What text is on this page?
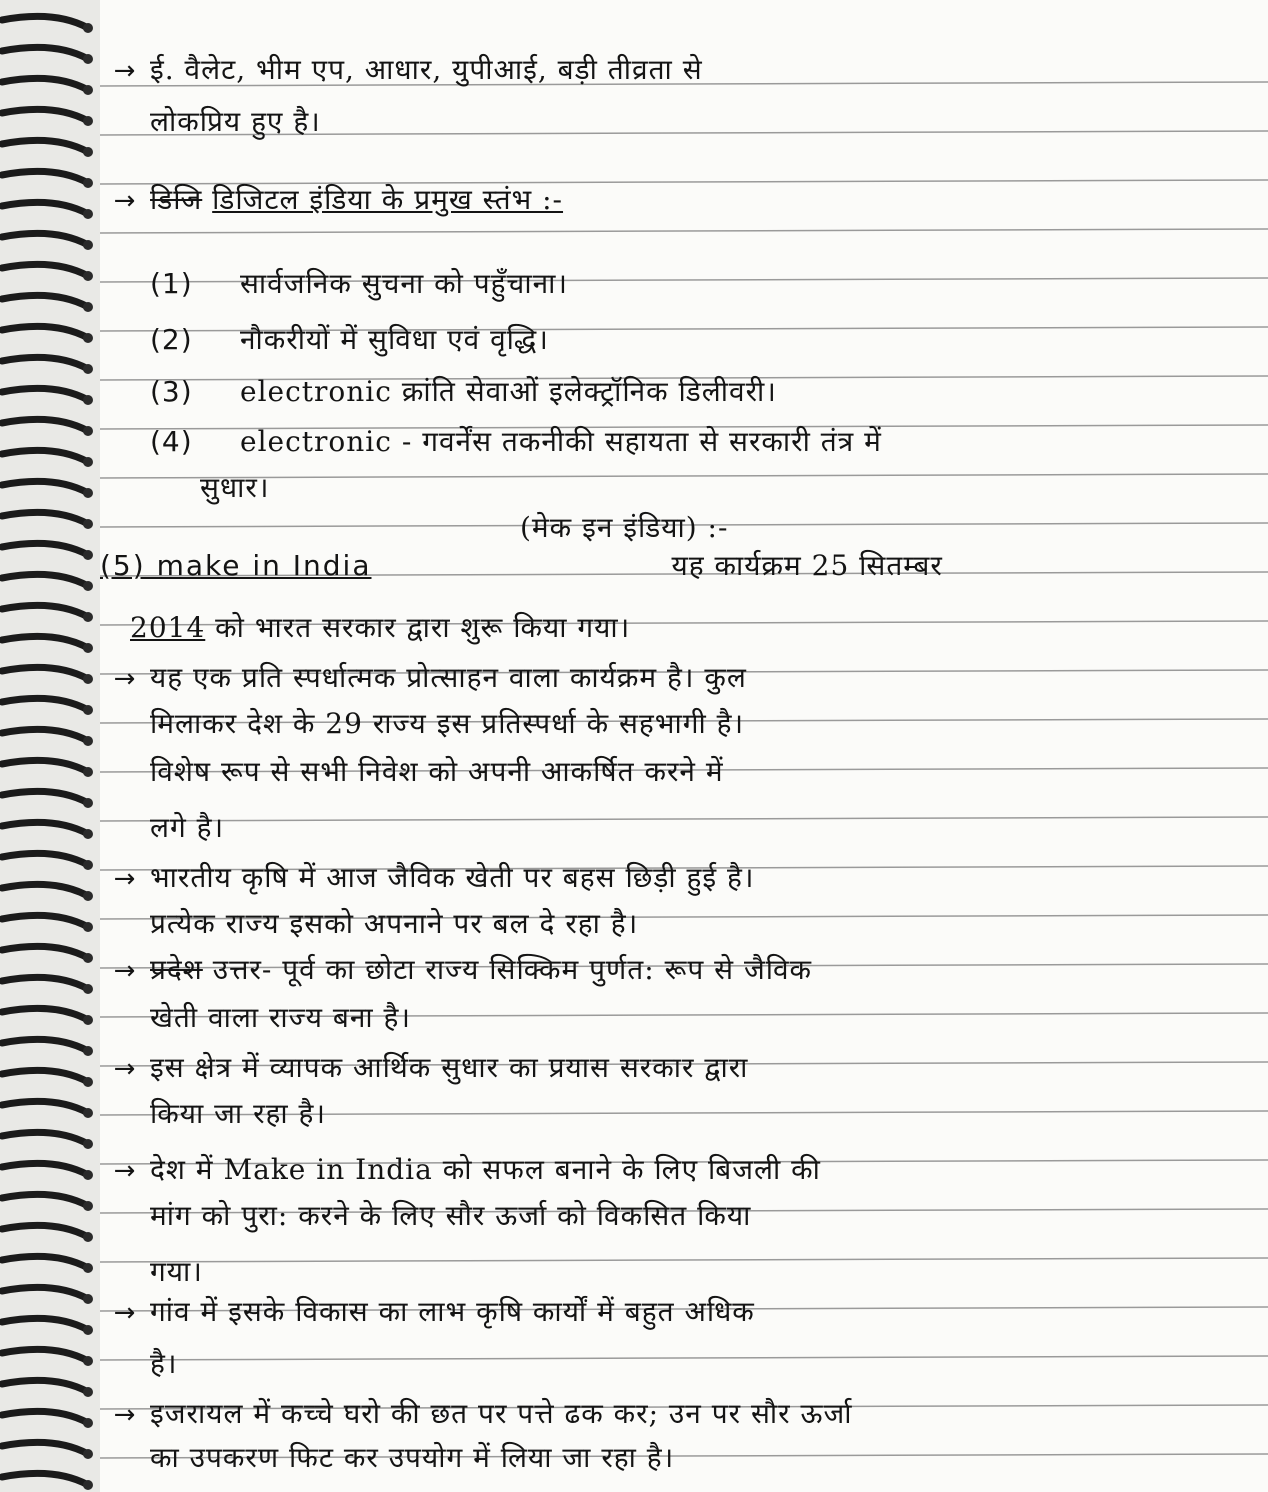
→ ई. वैलेट, भीम एप, आधार, युपीआई, बड़ी तीव्रता से
लोकप्रिय हुए है।
→ डिजि डिजिटल इंडिया के प्रमुख स्तंभ :-
(1) सार्वजनिक सुचना को पहुँचाना।
(2) नौकरीयों में सुविधा एवं वृद्धि।
(3) electronic क्रांति सेवाओं इलेक्ट्रॉनिक डिलीवरी।
(4) electronic - गवर्नेंस तकनीकी सहायता से सरकारी तंत्र में
सुधार।
(मेक इन इंडिया) :-
(5) make in India	यह कार्यक्रम 25 सितम्बर
2014 को भारत सरकार द्वारा शुरू किया गया।
→ यह एक प्रति स्पर्धात्मक प्रोत्साहन वाला कार्यक्रम है। कुल
मिलाकर देश के 29 राज्य इस प्रतिस्पर्धा के सहभागी है।
विशेष रूप से सभी निवेश को अपनी आकर्षित करने में
लगे है।
→ भारतीय कृषि में आज जैविक खेती पर बहस छिड़ी हुई है।
प्रत्येक राज्य इसको अपनाने पर बल दे रहा है।
→ प्रदेश उत्तर- पूर्व का छोटा राज्य सिक्किम पुर्णत: रूप से जैविक
खेती वाला राज्य बना है।
→ इस क्षेत्र में व्यापक आर्थिक सुधार का प्रयास सरकार द्वारा
किया जा रहा है।
→ देश में Make in India को सफल बनाने के लिए बिजली की
मांग को पुरा: करने के लिए सौर ऊर्जा को विकसित किया
गया।
→ गांव में इसके विकास का लाभ कृषि कार्यों में बहुत अधिक
है।
→ इजरायल में कच्चे घरो की छत पर पत्ते ढक कर; उन पर सौर ऊर्जा
का उपकरण फिट कर उपयोग में लिया जा रहा है।
